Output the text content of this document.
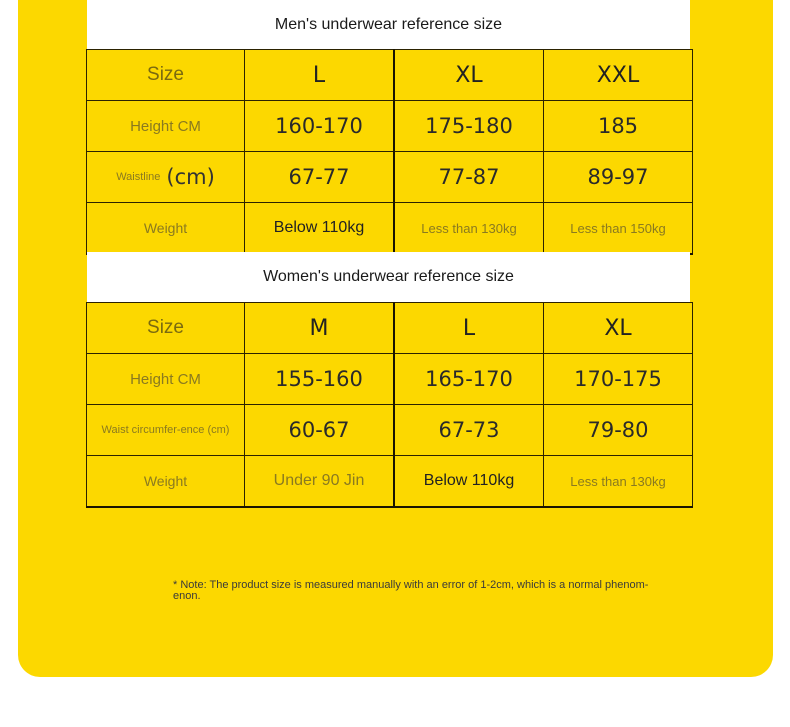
Men's underwear reference size
Size	L	XL	XXL
Height CM	160-170	175-180	185

Waistline (cm)	67-77	77-87	89-97
Weight	Below 110kg	Less than 130kg	Less than 150kg
Women's underwear reference size
Size	M	L	XL
Height CM	155-160	165-170	170-175
Waist circumfer-ence (cm)	60-67	67-73	79-80
Weight	Under 90 Jin	Below 110kg	Less than 130kg
* Note: The product size is measured manually with an error of 1-2cm, which is a normal phenom-enon.
